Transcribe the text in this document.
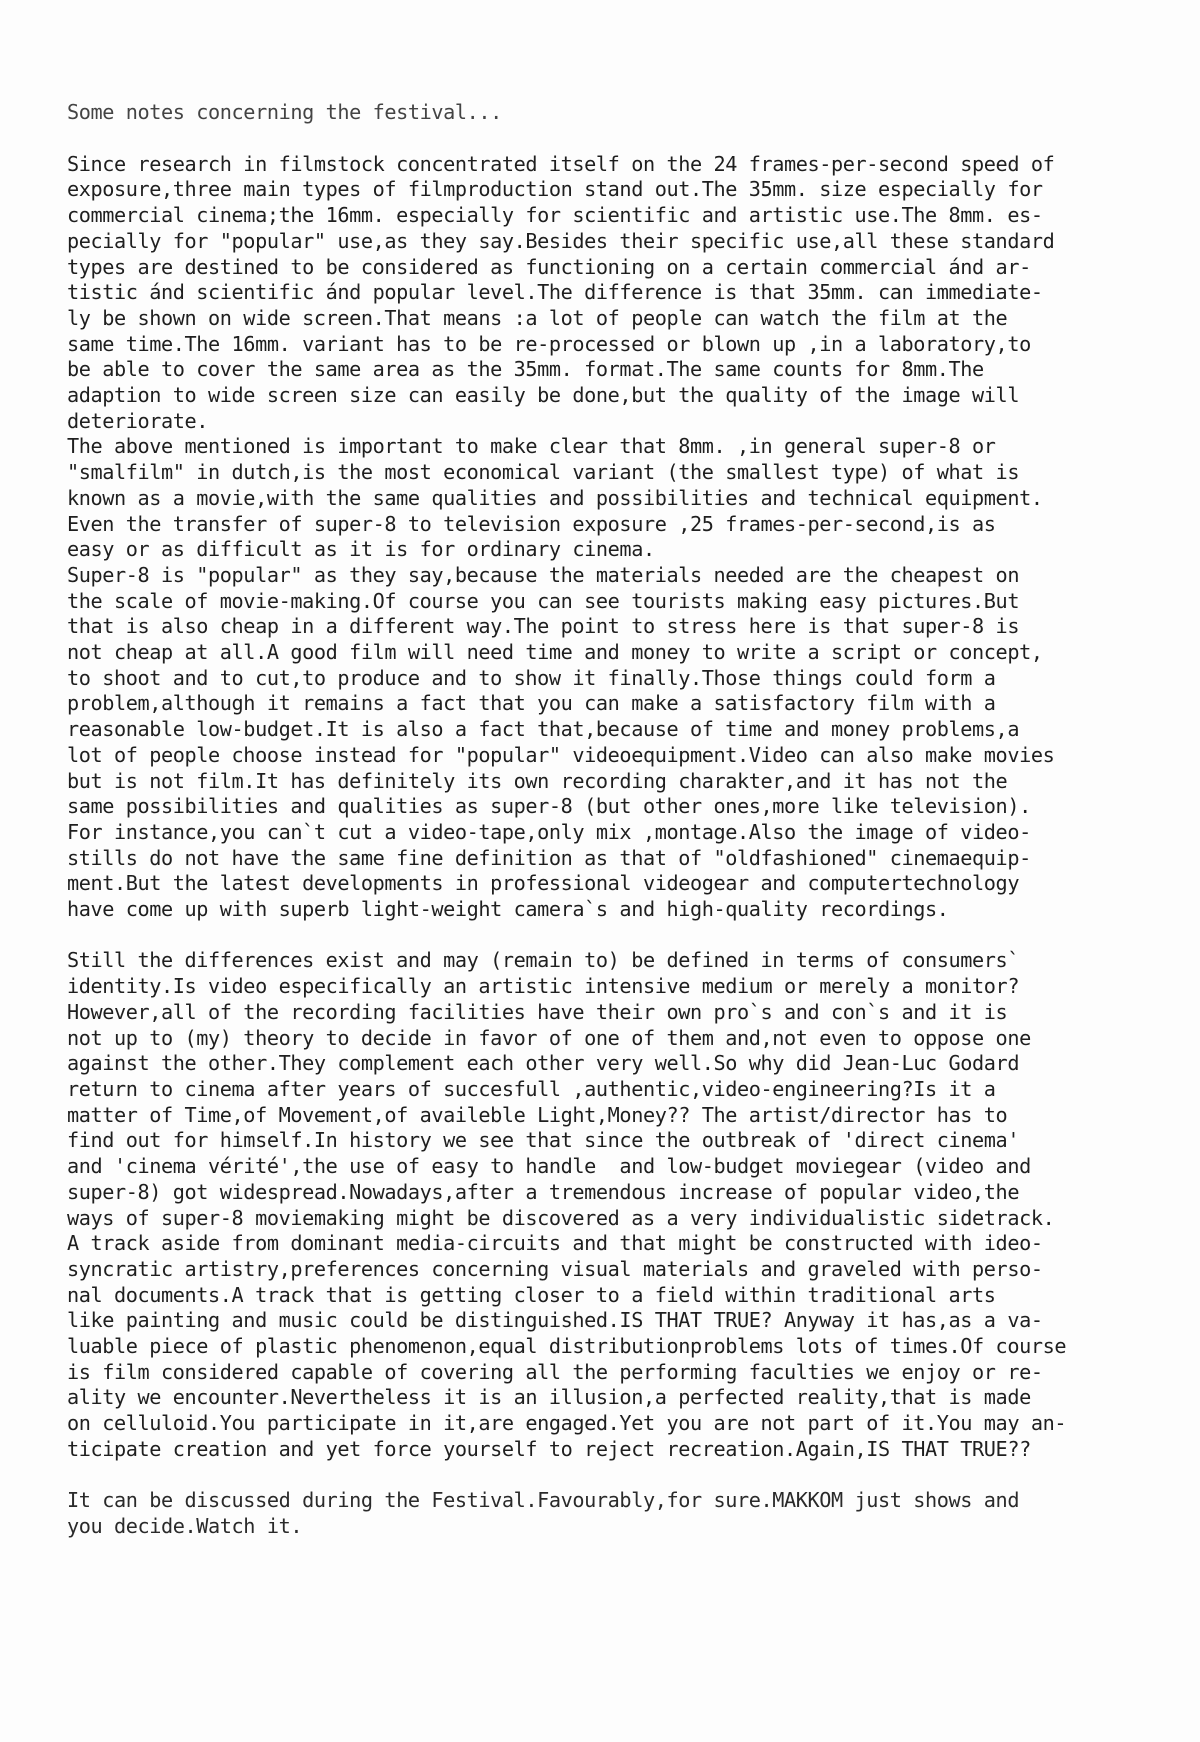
Some notes concerning the festival...
Since research in filmstock concentrated itself on the 24 frames-per-second speed of
exposure,three main types of filmproduction stand out.The 35mm. size especially for
commercial cinema;the 16mm. especially for scientific and artistic use.The 8mm. es-
pecially for "popular" use,as they say.Besides their specific use,all these standard
types are destined to be considered as functioning on a certain commercial ánd ar-
tistic ánd scientific ánd popular level.The difference is that 35mm. can immediate-
ly be shown on wide screen.That means :a lot of people can watch the film at the
same time.The 16mm. variant has to be re-processed or blown up ,in a laboratory,to
be able to cover the same area as the 35mm. format.The same counts for 8mm.The
adaption to wide screen size can easily be done,but the quality of the image will
deteriorate.
The above mentioned is important to make clear that 8mm. ,in general super-8 or
"smalfilm" in dutch,is the most economical variant (the smallest type) of what is
known as a movie,with the same qualities and possibilities and technical equipment.
Even the transfer of super-8 to television exposure ,25 frames-per-second,is as
easy or as difficult as it is for ordinary cinema.
Super-8 is "popular" as they say,because the materials needed are the cheapest on
the scale of movie-making.Of course you can see tourists making easy pictures.But
that is also cheap in a different way.The point to stress here is that super-8 is
not cheap at all.A good film will need time and money to write a script or concept,
to shoot and to cut,to produce and to show it finally.Those things could form a
problem,although it remains a fact that you can make a satisfactory film with a
reasonable low-budget.It is also a fact that,because of time and money problems,a
lot of people choose instead for "popular" videoequipment.Video can also make movies
but is not film.It has definitely its own recording charakter,and it has not the
same possibilities and qualities as super-8 (but other ones,more like television).
For instance,you can`t cut a video-tape,only mix ,montage.Also the image of video-
stills do not have the same fine definition as that of "oldfashioned" cinemaequip-
ment.But the latest developments in professional videogear and computertechnology
have come up with superb light-weight camera`s and high-quality recordings.
Still the differences exist and may (remain to) be defined in terms of consumers`
identity.Is video especifically an artistic intensive medium or merely a monitor?
However,all of the recording facilities have their own pro`s and con`s and it is
not up to (my) theory to decide in favor of one of them and,not even to oppose one
against the other.They complement each other very well.So why did Jean-Luc Godard
return to cinema after years of succesfull ,authentic,video-engineering?Is it a
matter of Time,of Movement,of availeble Light,Money?? The artist/director has to
find out for himself.In history we see that since the outbreak of 'direct cinema'
and 'cinema vérité',the use of easy to handle  and low-budget moviegear (video and
super-8) got widespread.Nowadays,after a tremendous increase of popular video,the
ways of super-8 moviemaking might be discovered as a very individualistic sidetrack.
A track aside from dominant media-circuits and that might be constructed with ideo-
syncratic artistry,preferences concerning visual materials and graveled with perso-
nal documents.A track that is getting closer to a field within traditional arts
like painting and music could be distinguished.IS THAT TRUE? Anyway it has,as a va-
luable piece of plastic phenomenon,equal distributionproblems lots of times.Of course
is film considered capable of covering all the performing faculties we enjoy or re-
ality we encounter.Nevertheless it is an illusion,a perfected reality,that is made
on celluloid.You participate in it,are engaged.Yet you are not part of it.You may an-
ticipate creation and yet force yourself to reject recreation.Again,IS THAT TRUE??
It can be discussed during the Festival.Favourably,for sure.MAKKOM just shows and
you decide.Watch it.
